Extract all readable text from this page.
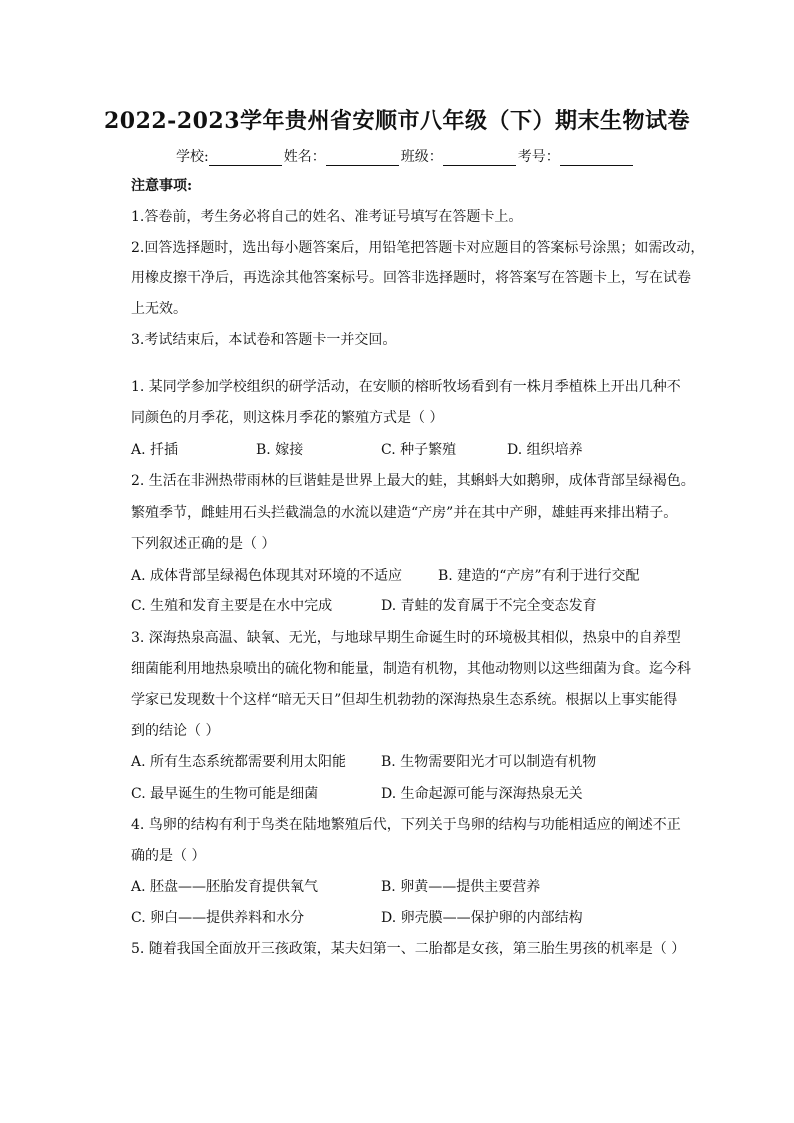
2022-2023学年贵州省安顺市八年级（下）期末生物试卷
学校:	姓名：	班级：	考号：
注意事项:
1.答卷前，考生务必将自己的姓名、准考证号填写在答题卡上。
2.回答选择题时，选出每小题答案后，用铅笔把答题卡对应题目的答案标号涂黑；如需改动，
用橡皮擦干净后，再选涂其他答案标号。回答非选择题时，将答案写在答题卡上，写在试卷
上无效。
3.考试结束后，本试卷和答题卡一并交回。
1. 某同学参加学校组织的研学活动，在安顺的榕昕牧场看到有一株月季植株上开出几种不
同颜色的月季花，则这株月季花的繁殖方式是（ ）
A. 扦插	B. 嫁接	C. 种子繁殖	D. 组织培养
2. 生活在非洲热带雨林的巨谐蛙是世界上最大的蛙，其蝌蚪大如鹅卵，成体背部呈绿褐色。
繁殖季节，雌蛙用石头拦截湍急的水流以建造“产房”并在其中产卵，雄蛙再来排出精子。
下列叙述正确的是（ ）
A. 成体背部呈绿褐色体现其对环境的不适应	B. 建造的“产房”有利于进行交配
C. 生殖和发育主要是在水中完成	D. 青蛙的发育属于不完全变态发育
3. 深海热泉高温、缺氧、无光，与地球早期生命诞生时的环境极其相似，热泉中的自养型
细菌能利用地热泉喷出的硫化物和能量，制造有机物，其他动物则以这些细菌为食。迄今科
学家已发现数十个这样“暗无天日”但却生机勃勃的深海热泉生态系统。根据以上事实能得
到的结论（ ）
A. 所有生态系统都需要利用太阳能 B. 生物需要阳光才可以制造有机物
C. 最早诞生的生物可能是细菌	D. 生命起源可能与深海热泉无关
4. 鸟卵的结构有利于鸟类在陆地繁殖后代，下列关于鸟卵的结构与功能相适应的阐述不正
确的是（ ）
A. 胚盘——胚胎发育提供氧气	B. 卵黄——提供主要营养
C. 卵白——提供养料和水分	D. 卵壳膜——保护卵的内部结构
5. 随着我国全面放开三孩政策，某夫妇第一、二胎都是女孩，第三胎生男孩的机率是（ ）
